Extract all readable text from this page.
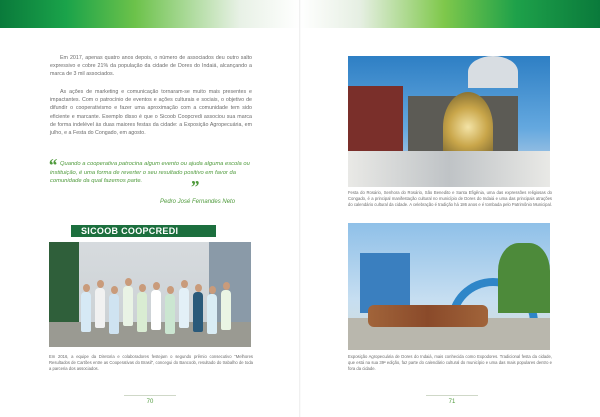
Em 2017, apenas quatro anos depois, o número de associados deu outro salto expressivo e cobre 21% da população da cidade de Dores do Indaiá, alcançando a marca de 3 mil associados.

As ações de marketing e comunicação tornaram-se muito mais presentes e impactantes. Com o patrocínio de eventos e ações culturais e sociais, o objetivo de difundir o cooperativismo e fazer uma aproximação com a comunidade tem sido eficiente e marcante. Exemplo disso é que o Sicoob Coopcredi associou sua marca de forma indelével às duas maiores festas da cidade: a Exposição Agropecuária, em julho, e a Festa do Congado, em agosto.

“ Quando a cooperativa patrocina algum evento ou ajuda alguma escola ou instituição, é uma forma de reverter o seu resultado positivo em favor da comunidade da qual fazemos parte.	”
Pedro José Fernandes Neto
SICOOB COOPCREDI
Em 2016, a equipe da Diretoria e colaboradores festejam o segundo prêmio consecutivo "Melhores Resultados de Cartões entre as Cooperativas do Brasil", concegui do Bancoob, resultado do trabalho de toda a parceria dos associados.
70
Festa do Rosário, Senhora do Rosário, São Benedito e Santa Efigênia, uma das expressões religiosas do Congado, é a principal manifestação cultural no município de Dores do Indaiá e uma das principais atrações do calendário cultural da cidade. A celebração é tradição há 186 anos e é tombada pelo Patrimônio Municipal.
Exposição Agropecuária de Dores do Indaiá, mais conhecida como Expodores. Tradicional festa da cidade, que está na sua 39ª edição, faz parte do calendário cultural do município e uma das mais populares dentro e fora da cidade.
71
